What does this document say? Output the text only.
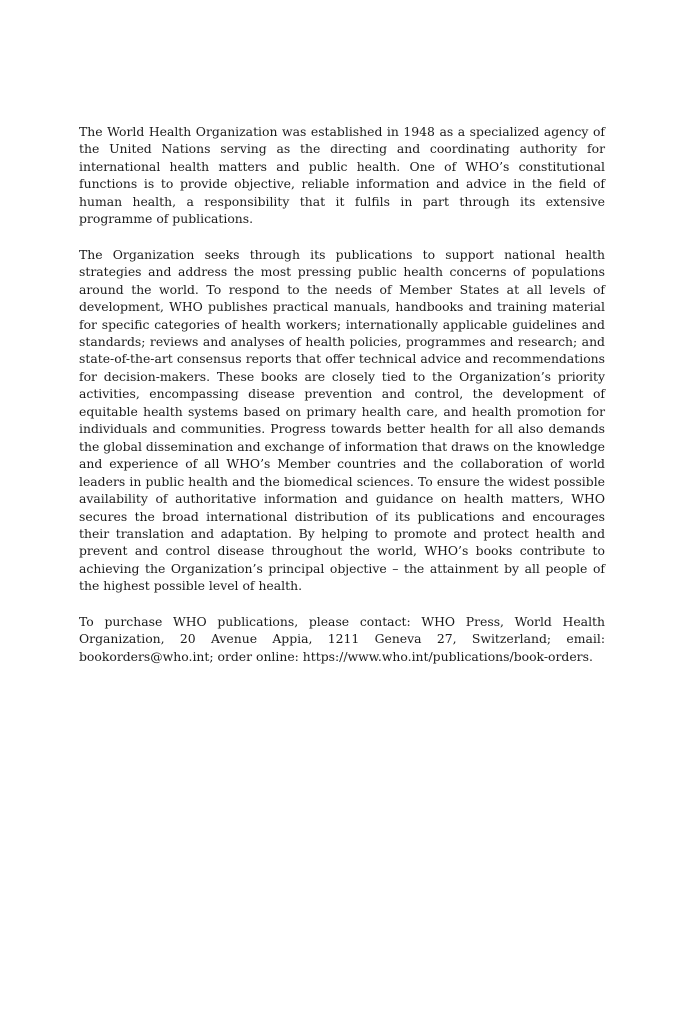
The World Health Organization was established in 1948 as a specialized agency of the United Nations serving as the directing and coordinating authority for international health matters and public health. One of WHO’s constitutional functions is to provide objective, reliable information and advice in the field of human health, a responsibility that it fulfils in part through its extensive programme of publications.

The Organization seeks through its publications to support national health strategies and address the most pressing public health concerns of populations around the world. To respond to the needs of Member States at all levels of development, WHO publishes practical manuals, handbooks and training material for specific categories of health workers; internationally applicable guidelines and standards; reviews and analyses of health policies, programmes and research; and state-of-the-art consensus reports that offer technical advice and recommendations for decision-makers. These books are closely tied to the Organization’s priority activities, encompassing disease prevention and control, the development of equitable health systems based on primary health care, and health promotion for individuals and communities. Progress towards better health for all also demands the global dissemination and exchange of information that draws on the knowledge and experience of all WHO’s Member countries and the collaboration of world leaders in public health and the biomedical sciences. To ensure the widest possible availability of authoritative information and guidance on health matters, WHO secures the broad international distribution of its publications and encourages their translation and adaptation. By helping to promote and protect health and prevent and control disease throughout the world, WHO’s books contribute to achieving the Organization’s principal objective – the attainment by all people of the highest possible level of health.

To purchase WHO publications, please contact: WHO Press, World Health Organization, 20 Avenue Appia, 1211 Geneva 27, Switzerland; email: bookorders@who.int; order online: https://www.who.int/publications/book-orders.
